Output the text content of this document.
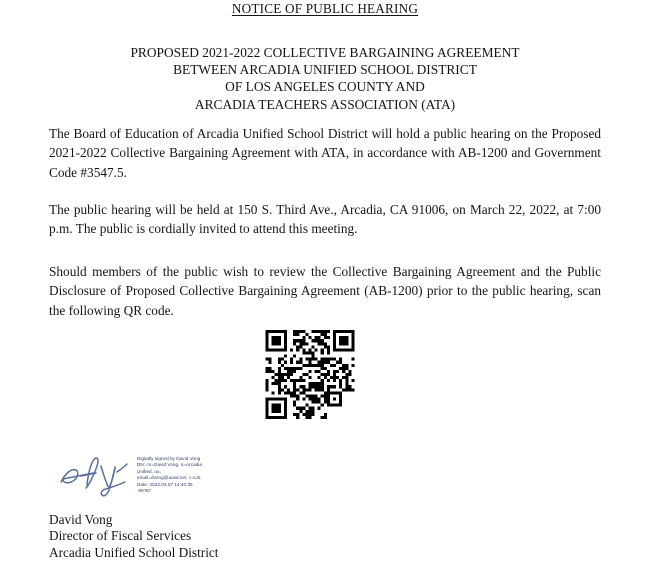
NOTICE OF PUBLIC HEARING
PROPOSED 2021-2022 COLLECTIVE BARGAINING AGREEMENT
BETWEEN ARCADIA UNIFIED SCHOOL DISTRICT
OF LOS ANGELES COUNTY AND
ARCADIA TEACHERS ASSOCIATION (ATA)
The Board of Education of Arcadia Unified School District will hold a public hearing on the Proposed 2021-2022 Collective Bargaining Agreement with ATA, in accordance with AB-1200 and Government Code #3547.5.
The public hearing will be held at 150 S. Third Ave., Arcadia, CA 91006, on March 22, 2022, at 7:00 p.m. The public is cordially invited to attend this meeting.
Should members of the public wish to review the Collective Bargaining Agreement and the Public Disclosure of Proposed Collective Bargaining Agreement (AB-1200) prior to the public hearing, scan the following QR code.
Digitally signed by David Vong
DN: cn=David Vong, o=Arcadia
Unified, ou,
email=dvong@ausd.net, c=US
Date: 2022.03.07 14:40:35
-08'00'
David Vong
Director of Fiscal Services
Arcadia Unified School District
